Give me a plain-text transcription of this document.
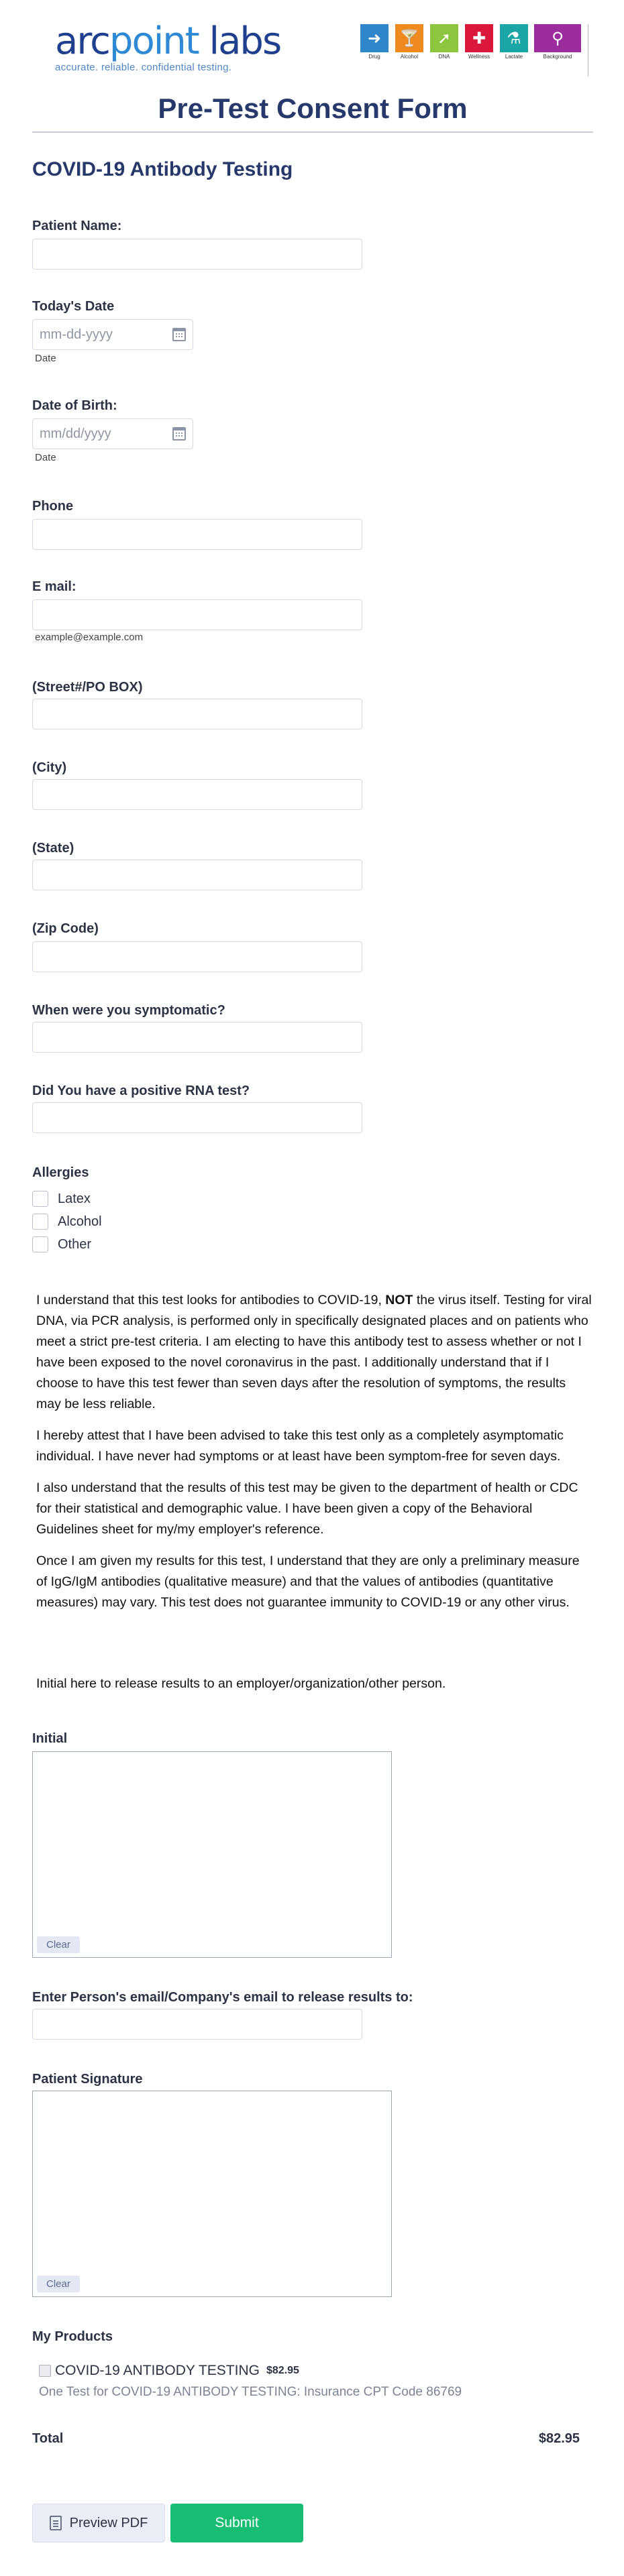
arcpoint labs
accurate. reliable. confidential testing.
➜
Drug
🍸
Alcohol
➚
DNA
✚
Wellness
⚗
Lactate
⚲
Background
Pre-Test Consent Form
COVID-19 Antibody Testing
Patient Name:
Today's Date
mm-dd-yyyy
Date
Date of Birth:
mm/dd/yyyy
Date
Phone
E mail:
example@example.com
(Street#/PO BOX)
(City)
(State)
(Zip Code)
When were you symptomatic?
Did You have a positive RNA test?
Allergies
Latex
Alcohol
Other

I understand that this test looks for antibodies to COVID-19, NOT the virus itself. Testing for viral DNA, via PCR analysis, is performed only in specifically designated places and on patients who meet a strict pre-test criteria. I am electing to have this antibody test to assess whether or not I have been exposed to the novel coronavirus in the past. I additionally understand that if I choose to have this test fewer than seven days after the resolution of symptoms, the results may be less reliable.

I hereby attest that I have been advised to take this test only as a completely asymptomatic individual. I have never had symptoms or at least have been symptom-free for seven days.

I also understand that the results of this test may be given to the department of health or CDC for their statistical and demographic value. I have been given a copy of the Behavioral Guidelines sheet for my/my employer's reference.

Once I am given my results for this test, I understand that they are only a preliminary measure of IgG/IgM antibodies (qualitative measure) and that the values of antibodies (quantitative measures) may vary. This test does not guarantee immunity to COVID-19 or any other virus.

Initial here to release results to an employer/organization/other person.
Initial
Clear
Enter Person's email/Company's email to release results to:
Patient Signature
Clear
My Products
COVID-19 ANTIBODY TESTING $82.95
One Test for COVID-19 ANTIBODY TESTING: Insurance CPT Code 86769
Total	$82.95
Preview PDF	Submit
